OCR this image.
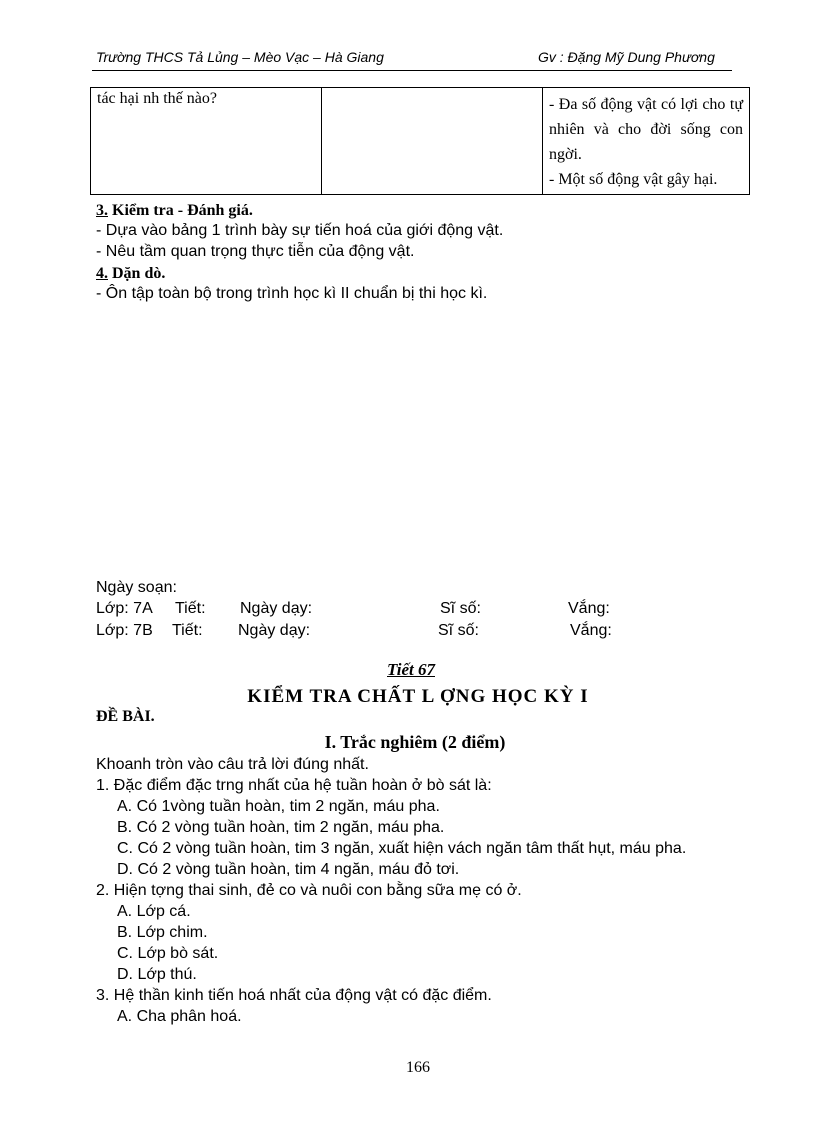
Trường THCS Tả Lủng – Mèo Vạc – Hà Giang	Gv : Đặng Mỹ Dung Phương
tác hại nh thế nào?		- Đa số động vật có lợi cho tự nhiên và cho đời sống con ngời.

- Một số động vật gây hại.

3. Kiểm tra - Đánh giá.
- Dựa vào bảng 1 trình bày sự tiến hoá của giới động vật.
- Nêu tầm quan trọng thực tiễn của động vật.
4. Dặn dò.
- Ôn tập toàn bộ trong trình học kì II chuẩn bị thi học kì.
Ngày soạn:
Lớp: 7A Tiết: Ngày dạy:	Sĩ số:	Vắng:
Lớp: 7B Tiết: Ngày dạy:	Sĩ số:	Vắng:
Tiết 67
KIỂM TRA CHẤT L ỢNG HỌC KỲ I
ĐỀ BÀI.
I. Trắc nghiêm (2 điểm)
Khoanh tròn vào câu trả lời đúng nhất.
1. Đặc điểm đặc trng nhất của hệ tuần hoàn ở bò sát là:
A. Có 1vòng tuần hoàn, tim 2 ngăn, máu pha.
B. Có 2 vòng tuần hoàn, tim 2 ngăn, máu pha.
C. Có 2 vòng tuần hoàn, tim 3 ngăn, xuất hiện vách ngăn tâm thất hụt, máu pha.
D. Có 2 vòng tuần hoàn, tim 4 ngăn, máu đỏ tơi.
2. Hiện tợng thai sinh, đẻ co và nuôi con bằng sữa mẹ có ở.
A. Lớp cá.
B. Lớp chim.
C. Lớp bò sát.
D. Lớp thú.
3. Hệ thần kinh tiến hoá nhất của động vật có đặc điểm.
A. Cha phân hoá.
166
